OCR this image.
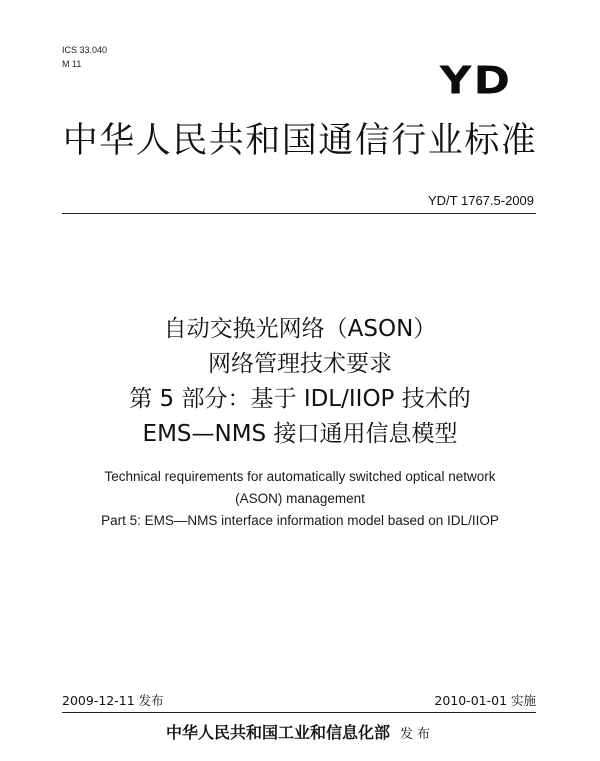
ICS 33.040
M 11	YD
中华人民共和国通信行业标准
YD/T 1767.5-2009
自动交换光网络（ASON）
网络管理技术要求
第 5 部分：基于 IDL/IIOP 技术的
EMS—NMS 接口通用信息模型
Technical requirements for automatically switched optical network
(ASON) management
Part 5: EMS—NMS interface information model based on IDL/IIOP
2009-12-11 发布	2010-01-01 实施
中华人民共和国工业和信息化部 发布
